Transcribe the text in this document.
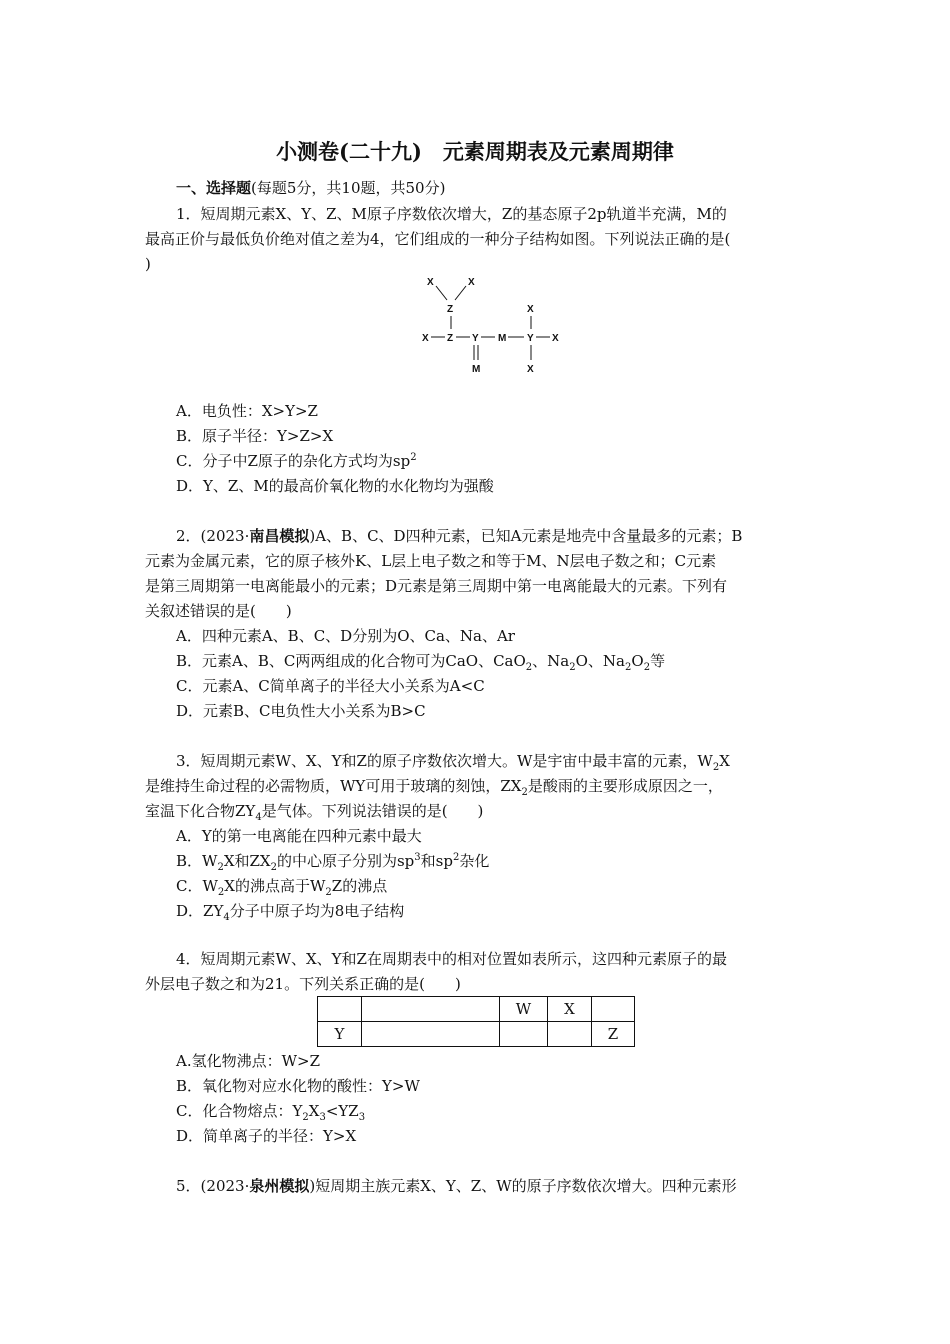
小测卷(二十九)　元素周期表及元素周期律
一、选择题(每题5分，共10题，共50分)
1．短周期元素X、Y、Z、M原子序数依次增大，Z的基态原子2p轨道半充满，M的
最高正价与最低负价绝对值之差为4，它们组成的一种分子结构如图。下列说法正确的是(
)
X	X
Z	X
X Z Y M Y X
M	X
A．电负性：X>Y>Z
B．原子半径：Y>Z>X
C．分子中Z原子的杂化方式均为$sp^2$
D．Y、Z、M的最高价氧化物的水化物均为强酸
2．(2023·南昌模拟)A、B、C、D四种元素，已知A元素是地壳中含量最多的元素；B
元素为金属元素，它的原子核外K、L层上电子数之和等于M、N层电子数之和；C元素
是第三周期第一电离能最小的元素；D元素是第三周期中第一电离能最大的元素。下列有
关叙述错误的是(　　)
A．四种元素A、B、C、D分别为O、Ca、Na、Ar
B．元素A、B、C两两组成的化合物可为CaO、CaO$_2$、$Na_2O$、$Na_2O_2$等
C．元素A、C简单离子的半径大小关系为A<C
D．元素B、C电负性大小关系为B>C
3．短周期元素W、X、Y和Z的原子序数依次增大。W是宇宙中最丰富的元素，$W_2X$
是维持生命过程的必需物质，WY可用于玻璃的刻蚀，$ZX_2$是酸雨的主要形成原因之一，
室温下化合物$ZY_4$是气体。下列说法错误的是(　　)
A．Y的第一电离能在四种元素中最大
B．$W_2X$和$ZX_2$的中心原子分别为$sp^3$和$sp^2$杂化
C．$W_2X$的沸点高于$W_2Z$的沸点
D．$ZY_4$分子中原子均为8电子结构
4．短周期元素W、X、Y和Z在周期表中的相对位置如表所示，这四种元素原子的最
外层电子数之和为21。下列关系正确的是(　　)
		W	X	
Y				Z
A.氢化物沸点：W>Z
B．氧化物对应水化物的酸性：Y>W
C．化合物熔点：$Y_2X_3<YZ_3$
D．简单离子的半径：Y>X
5．(2023·泉州模拟)短周期主族元素X、Y、Z、W的原子序数依次增大。四种元素形
